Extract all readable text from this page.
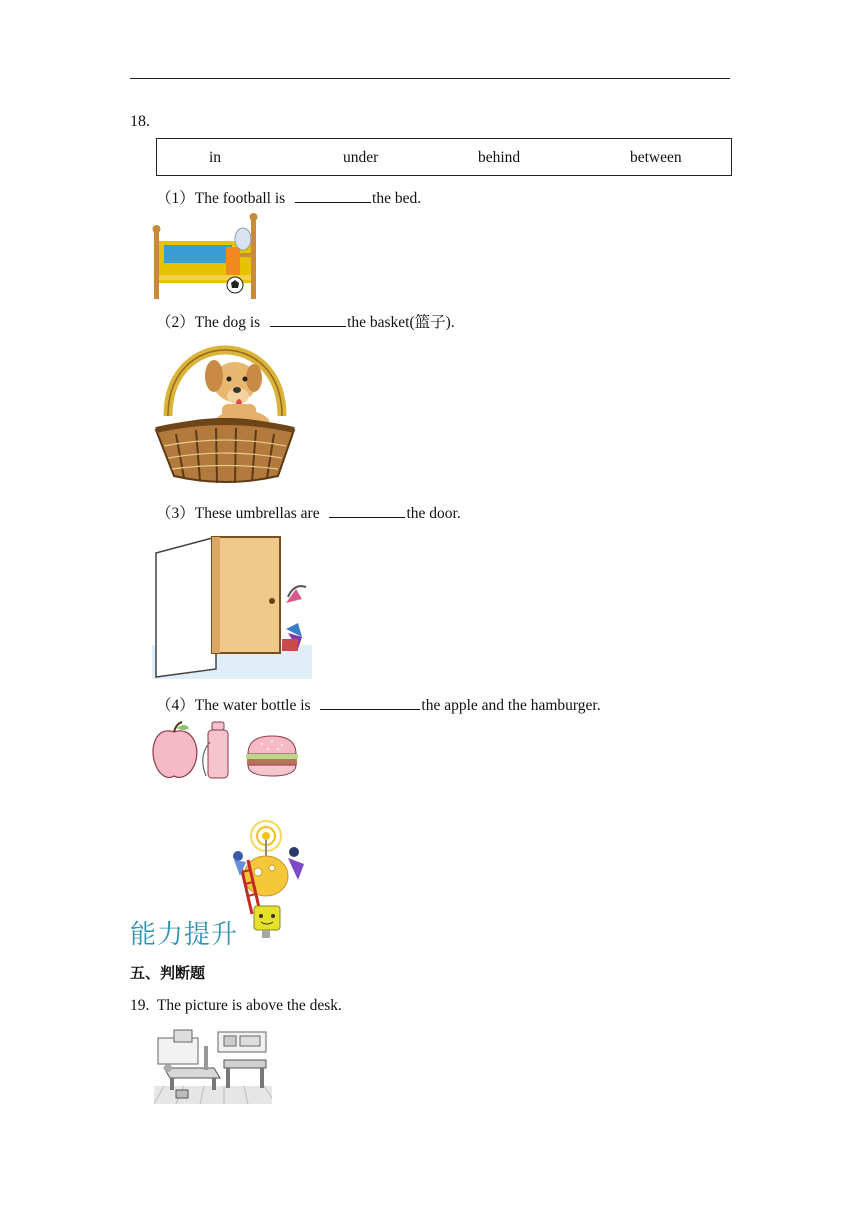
18.
in	under	behind	between
（1）The football is	the bed.
（2）The dog is	the basket(篮子).
（3）These umbrellas are	the door.
（4）The water bottle is	the apple and the hamburger.
能力提升
五、判断题
19. The picture is above the desk.
